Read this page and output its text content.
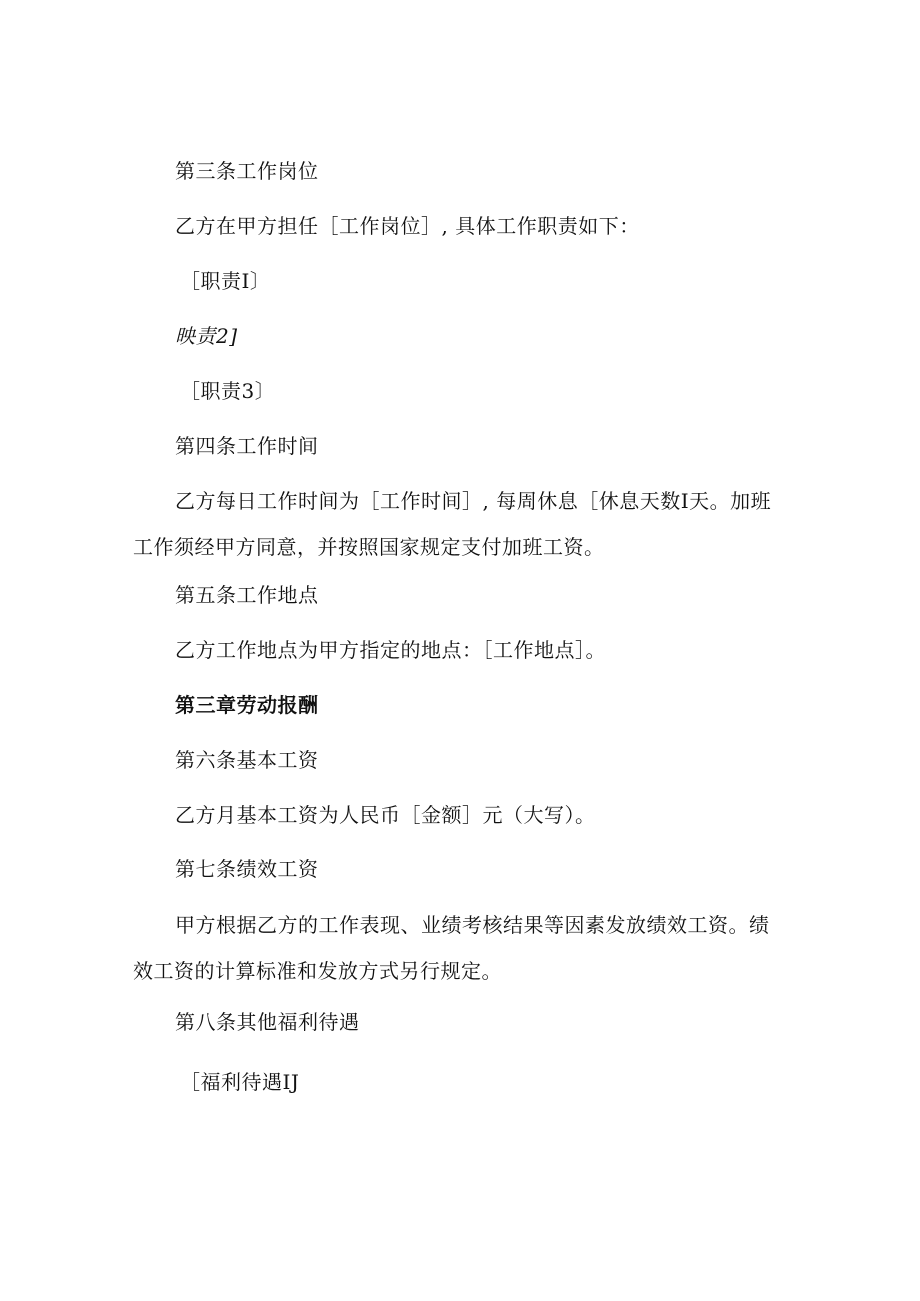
第三条工作岗位
乙方在甲方担任［工作岗位］, 具体工作职责如下：
［职责I〕
映责2]
［职责3〕
第四条工作时间
乙方每日工作时间为［工作时间］, 每周休息［休息天数I天。加班工作须经甲方同意，并按照国家规定支付加班工资。
第五条工作地点
乙方工作地点为甲方指定的地点：［工作地点］。
第三章劳动报酬
第六条基本工资
乙方月基本工资为人民币［金额］元（大写）。
第七条绩效工资
甲方根据乙方的工作表现、业绩考核结果等因素发放绩效工资。绩效工资的计算标准和发放方式另行规定。
第八条其他福利待遇
［福利待遇IJ
